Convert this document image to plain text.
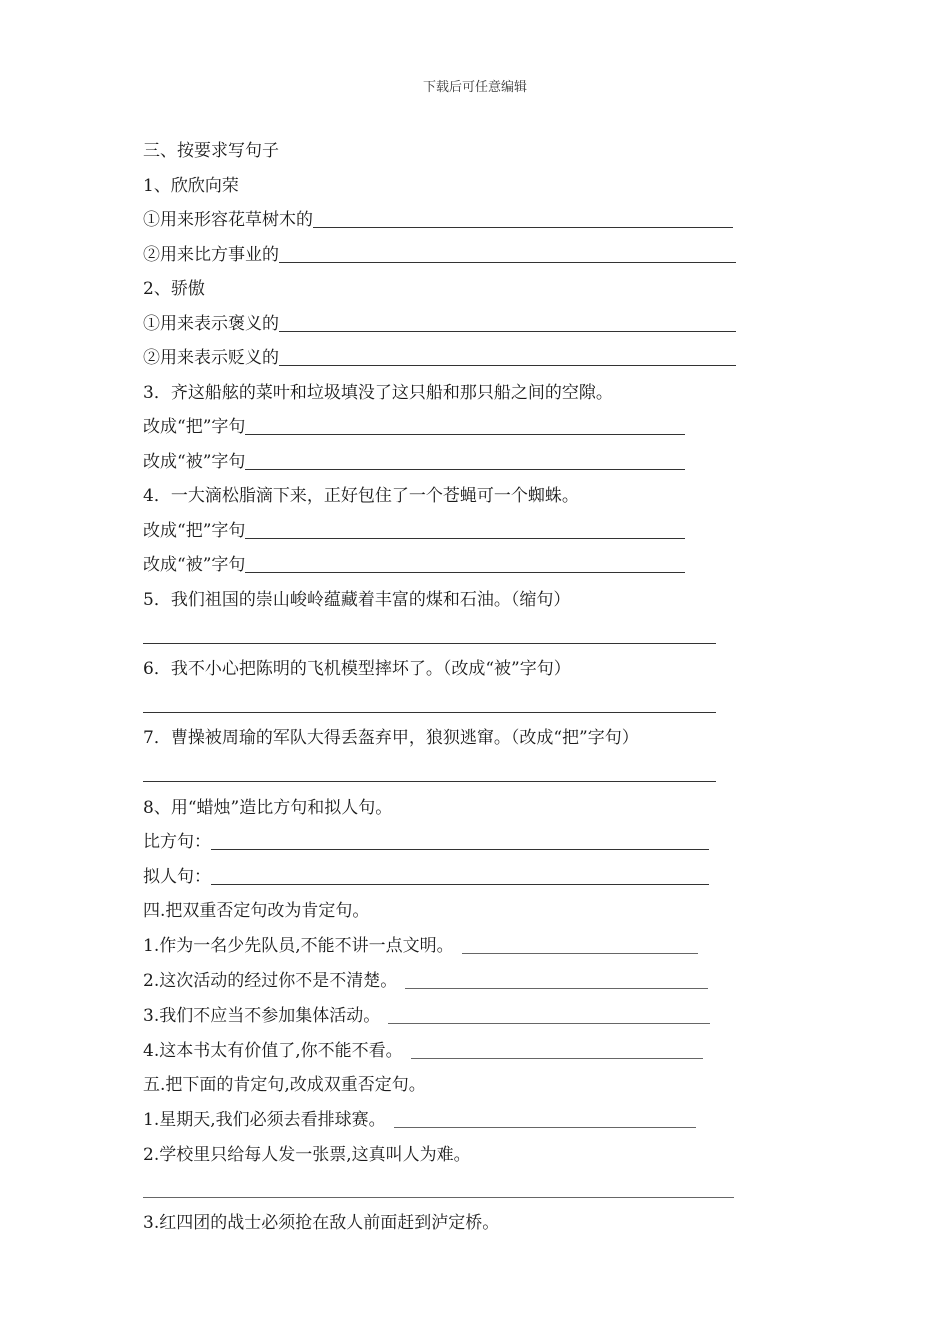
下载后可任意编辑
三、按要求写句子
1、欣欣向荣
①用来形容花草树木的
②用来比方事业的
2、骄傲
①用来表示褒义的
②用来表示贬义的
3．齐这船舷的菜叶和垃圾填没了这只船和那只船之间的空隙。
改成“把”字句
改成“被”字句
4．一大滴松脂滴下来，正好包住了一个苍蝇可一个蜘蛛。
改成“把”字句
改成“被”字句
5．我们祖国的崇山峻岭蕴藏着丰富的煤和石油。（缩句）
6．我不小心把陈明的飞机模型摔坏了。（改成“被”字句）
7．曹操被周瑜的军队大得丢盔弃甲，狼狈逃窜。（改成“把”字句）
8、用“蜡烛”造比方句和拟人句。
比方句：
拟人句：
四.把双重否定句改为肯定句。
1.作为一名少先队员,不能不讲一点文明。
2.这次活动的经过你不是不清楚。
3.我们不应当不参加集体活动。
4.这本书太有价值了,你不能不看。
五.把下面的肯定句,改成双重否定句。
1.星期天,我们必须去看排球赛。
2.学校里只给每人发一张票,这真叫人为难。
3.红四团的战士必须抢在敌人前面赶到泸定桥。
